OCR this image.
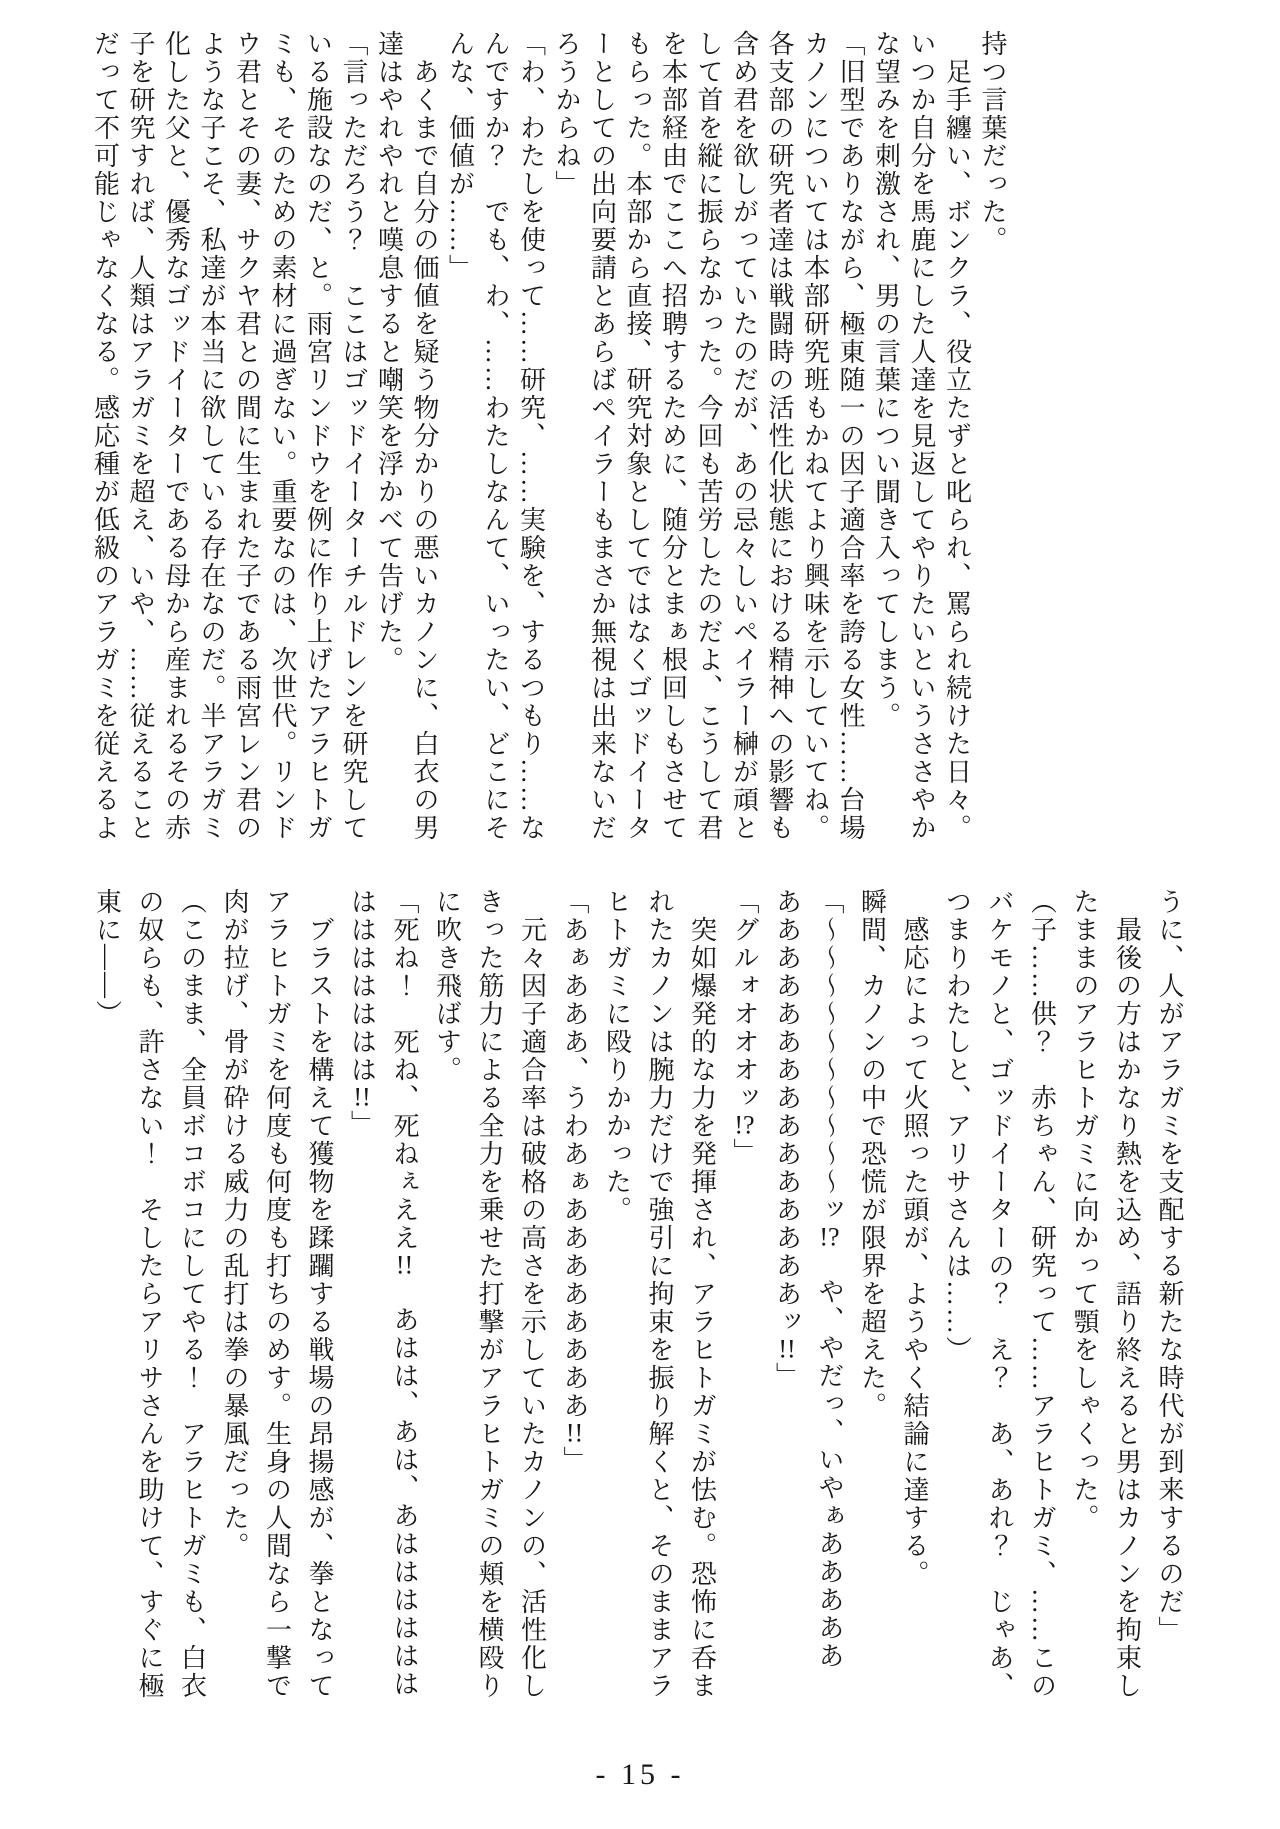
持つ言葉だった。

　足手纏い、ボンクラ、役立たずと叱られ、罵られ続けた日々。

いつか自分を馬鹿にした人達を見返してやりたいというささやか

な望みを刺激され、男の言葉につい聞き入ってしまう。

「旧型でありながら、極東随一の因子適合率を誇る女性……台場

カノンについては本部研究班もかねてより興味を示していてね。

各支部の研究者達は戦闘時の活性化状態における精神への影響も

含め君を欲しがっていたのだが、あの忌々しいペイラー榊が頑と

して首を縦に振らなかった。今回も苦労したのだよ、こうして君

を本部経由でここへ招聘するために、随分とまぁ根回しもさせて

もらった。本部から直接、研究対象としてではなくゴッドイータ

ーとしての出向要請とあらばペイラーもまさか無視は出来ないだ

ろうからね」

「わ、わたしを使って……研究、……実験を、するつもり……な

んですか？　でも、わ、……わたしなんて、いったい、どこにそ

んな、価値が……」

　あくまで自分の価値を疑う物分かりの悪いカノンに、白衣の男

達はやれやれと嘆息すると嘲笑を浮かべて告げた。

「言っただろう？　ここはゴッドイーターチルドレンを研究して

いる施設なのだ、と。雨宮リンドウを例に作り上げたアラヒトガ

ミも、そのための素材に過ぎない。重要なのは、次世代。リンド

ウ君とその妻、サクヤ君との間に生まれた子である雨宮レン君の

ような子こそ、私達が本当に欲している存在なのだ。半アラガミ

化した父と、優秀なゴッドイーターである母から産まれるその赤

子を研究すれば、人類はアラガミを超え、いや、……従えること

だって不可能じゃなくなる。感応種が低級のアラガミを従えるよ

うに、人がアラガミを支配する新たな時代が到来するのだ」

　最後の方はかなり熱を込め、語り終えると男はカノンを拘束し

たままのアラヒトガミに向かって顎をしゃくった。

（子……供？　赤ちゃん、研究って……アラヒトガミ、……この

バケモノと、ゴッドイーターの？　え？　あ、あれ？　じゃあ、

つまりわたしと、アリサさんは……）

　感応によって火照った頭が、ようやく結論に達する。

瞬間、カノンの中で恐慌が限界を超えた。

「〜〜〜〜〜〜〜〜〜〜ッ!?　や、やだっ、いやぁあああああ

あああああああああああああああッ!!」

「グルォオオオッ!?」

　突如爆発的な力を発揮され、アラヒトガミが怯む。恐怖に呑ま

れたカノンは腕力だけで強引に拘束を振り解くと、そのままアラ

ヒトガミに殴りかかった。

「あぁあああ、うわあぁああああああああ!!」

　元々因子適合率は破格の高さを示していたカノンの、活性化し

きった筋力による全力を乗せた打撃がアラヒトガミの頬を横殴り

に吹き飛ばす。

「死ね！　死ね、死ねぇええ!!　あはは、あは、あはははははは

ははははははは!!」

　ブラストを構えて獲物を蹂躙する戦場の昂揚感が、拳となって

アラヒトガミを何度も何度も打ちのめす。生身の人間なら一撃で

肉が拉げ、骨が砕ける威力の乱打は拳の暴風だった。

（このまま、全員ボコボコにしてやる！　アラヒトガミも、白衣

の奴らも、許さない！　そしたらアリサさんを助けて、すぐに極

東に――）

- 15 -
